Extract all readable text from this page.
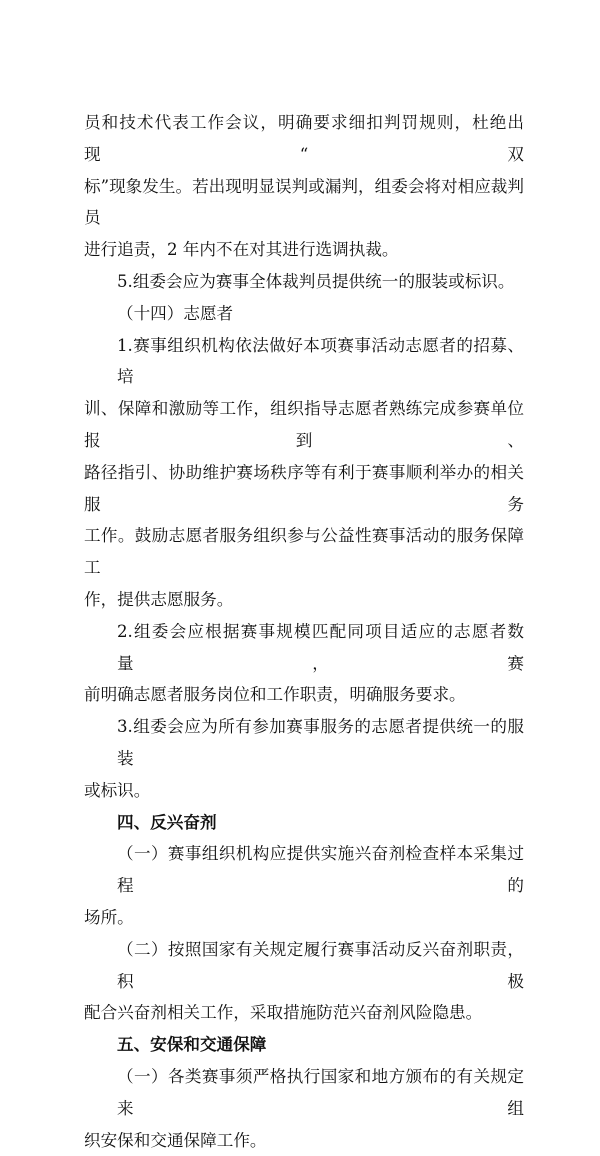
员和技术代表工作会议，明确要求细扣判罚规则，杜绝出现“双
标”现象发生。若出现明显误判或漏判，组委会将对相应裁判员
进行追责，2 年内不在对其进行选调执裁。
5.组委会应为赛事全体裁判员提供统一的服装或标识。
（十四）志愿者
1.赛事组织机构依法做好本项赛事活动志愿者的招募、培
训、保障和激励等工作，组织指导志愿者熟练完成参赛单位报到、
路径指引、协助维护赛场秩序等有利于赛事顺利举办的相关服务
工作。鼓励志愿者服务组织参与公益性赛事活动的服务保障工
作，提供志愿服务。
2.组委会应根据赛事规模匹配同项目适应的志愿者数量，赛
前明确志愿者服务岗位和工作职责，明确服务要求。
3.组委会应为所有参加赛事服务的志愿者提供统一的服装
或标识。
四、反兴奋剂
（一）赛事组织机构应提供实施兴奋剂检查样本采集过程的
场所。
（二）按照国家有关规定履行赛事活动反兴奋剂职责，积极
配合兴奋剂相关工作，采取措施防范兴奋剂风险隐患。
五、安保和交通保障
（一）各类赛事须严格执行国家和地方颁布的有关规定来组
织安保和交通保障工作。
